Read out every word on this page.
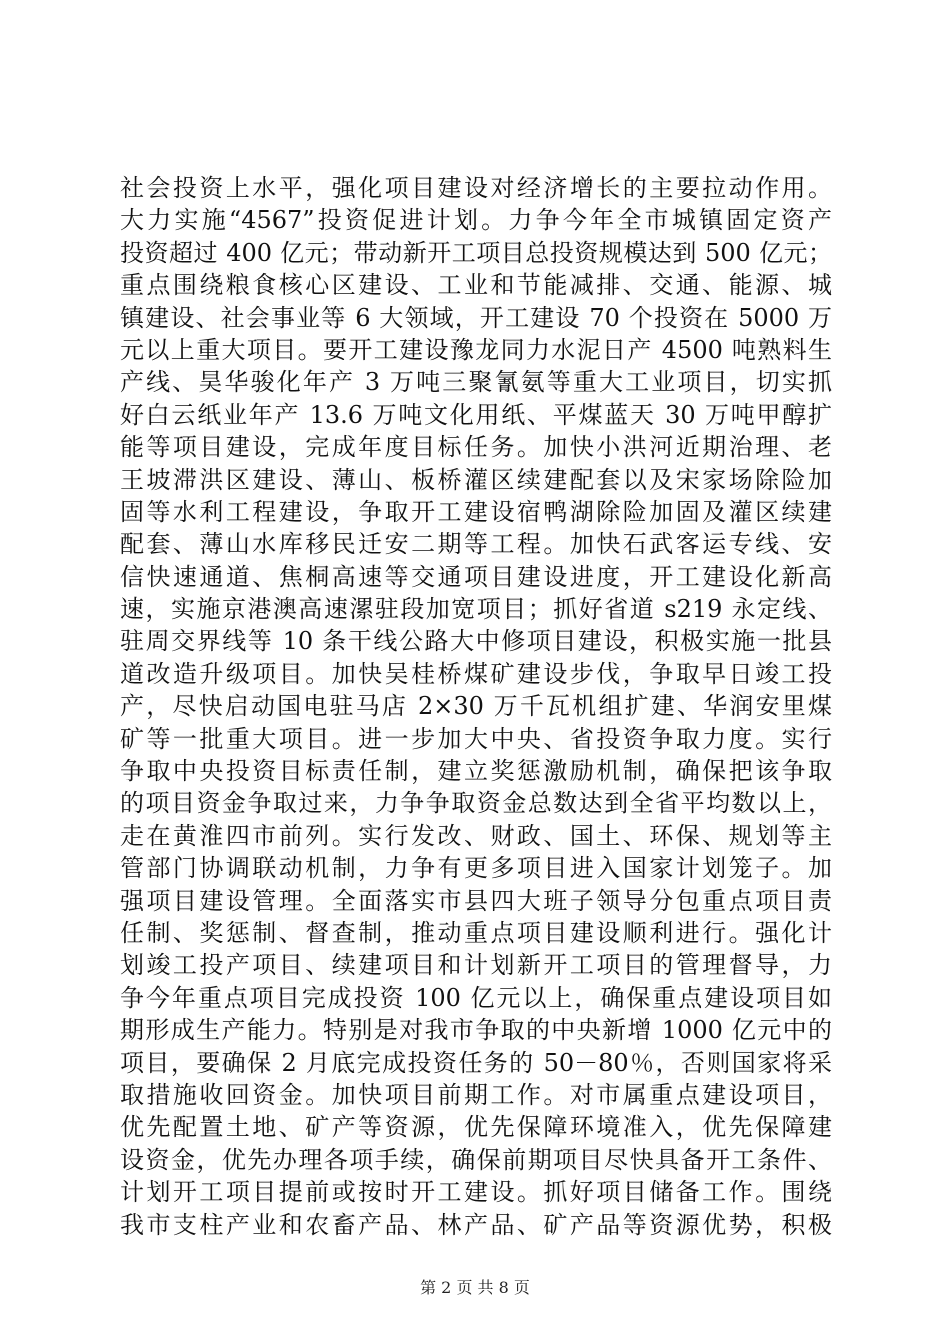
社会投资上水平，强化项目建设对经济增长的主要拉动作用。
大力实施“4567”投资促进计划。力争今年全市城镇固定资产
投资超过 400 亿元；带动新开工项目总投资规模达到 500 亿元；
重点围绕粮食核心区建设、工业和节能减排、交通、能源、城
镇建设、社会事业等 6 大领域，开工建设 70 个投资在 5000 万
元以上重大项目。要开工建设豫龙同力水泥日产 4500 吨熟料生
产线、昊华骏化年产 3 万吨三聚氰氨等重大工业项目，切实抓
好白云纸业年产 13.6 万吨文化用纸、平煤蓝天 30 万吨甲醇扩
能等项目建设，完成年度目标任务。加快小洪河近期治理、老
王坡滞洪区建设、薄山、板桥灌区续建配套以及宋家场除险加
固等水利工程建设，争取开工建设宿鸭湖除险加固及灌区续建
配套、薄山水库移民迁安二期等工程。加快石武客运专线、安
信快速通道、焦桐高速等交通项目建设进度，开工建设化新高
速，实施京港澳高速漯驻段加宽项目；抓好省道 s219 永定线、
驻周交界线等 10 条干线公路大中修项目建设，积极实施一批县
道改造升级项目。加快吴桂桥煤矿建设步伐，争取早日竣工投
产，尽快启动国电驻马店 2×30 万千瓦机组扩建、华润安里煤
矿等一批重大项目。进一步加大中央、省投资争取力度。实行
争取中央投资目标责任制，建立奖惩激励机制，确保把该争取
的项目资金争取过来，力争争取资金总数达到全省平均数以上，
走在黄淮四市前列。实行发改、财政、国土、环保、规划等主
管部门协调联动机制，力争有更多项目进入国家计划笼子。加
强项目建设管理。全面落实市县四大班子领导分包重点项目责
任制、奖惩制、督查制，推动重点项目建设顺利进行。强化计
划竣工投产项目、续建项目和计划新开工项目的管理督导，力
争今年重点项目完成投资 100 亿元以上，确保重点建设项目如
期形成生产能力。特别是对我市争取的中央新增 1000 亿元中的
项目，要确保 2 月底完成投资任务的 50－80％，否则国家将采
取措施收回资金。加快项目前期工作。对市属重点建设项目，
优先配置土地、矿产等资源，优先保障环境准入，优先保障建
设资金，优先办理各项手续，确保前期项目尽快具备开工条件、
计划开工项目提前或按时开工建设。抓好项目储备工作。围绕
我市支柱产业和农畜产品、林产品、矿产品等资源优势，积极
第 2 页 共 8 页
